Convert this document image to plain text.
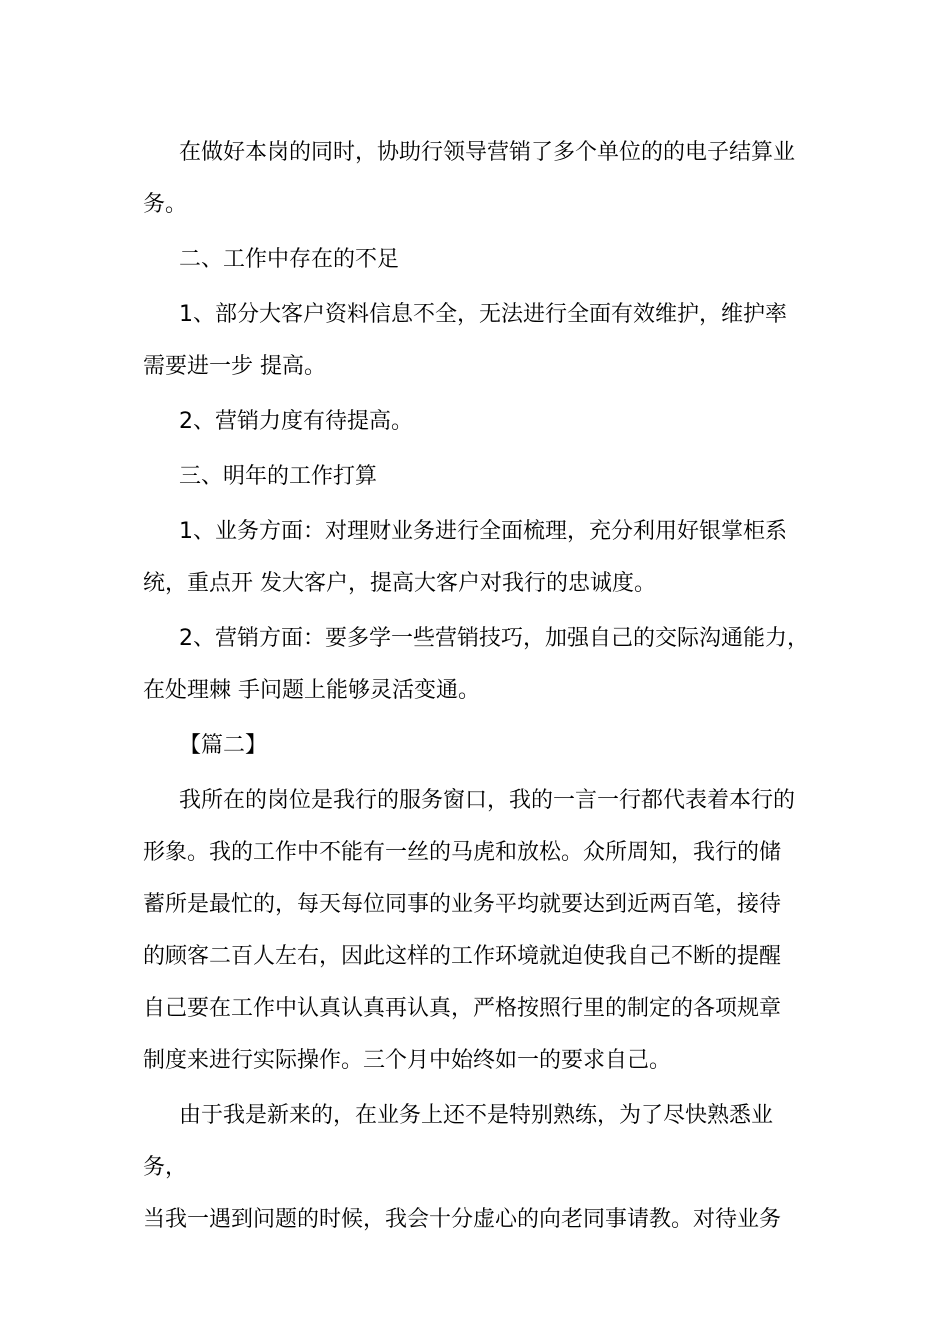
在做好本岗的同时，协助行领导营销了多个单位的的电子结算业
务。

二、工作中存在的不足

1、部分大客户资料信息不全，无法进行全面有效维护，维护率
需要进一步 提高。

2、营销力度有待提高。

三、明年的工作打算

1、业务方面：对理财业务进行全面梳理，充分利用好银掌柜系
统，重点开 发大客户，提高大客户对我行的忠诚度。

2、营销方面：要多学一些营销技巧，加强自己的交际沟通能力，
在处理棘 手问题上能够灵活变通。

【篇二】

我所在的岗位是我行的服务窗口，我的一言一行都代表着本行的
形象。我的工作中不能有一丝的马虎和放松。众所周知，我行的储
蓄所是最忙的，每天每位同事的业务平均就要达到近两百笔，接待
的顾客二百人左右，因此这样的工作环境就迫使我自己不断的提醒
自己要在工作中认真认真再认真，严格按照行里的制定的各项规章
制度来进行实际操作。三个月中始终如一的要求自己。

由于我是新来的，在业务上还不是特别熟练，为了尽快熟悉业务，
当我一遇到问题的时候，我会十分虚心的向老同事请教。对待业务
